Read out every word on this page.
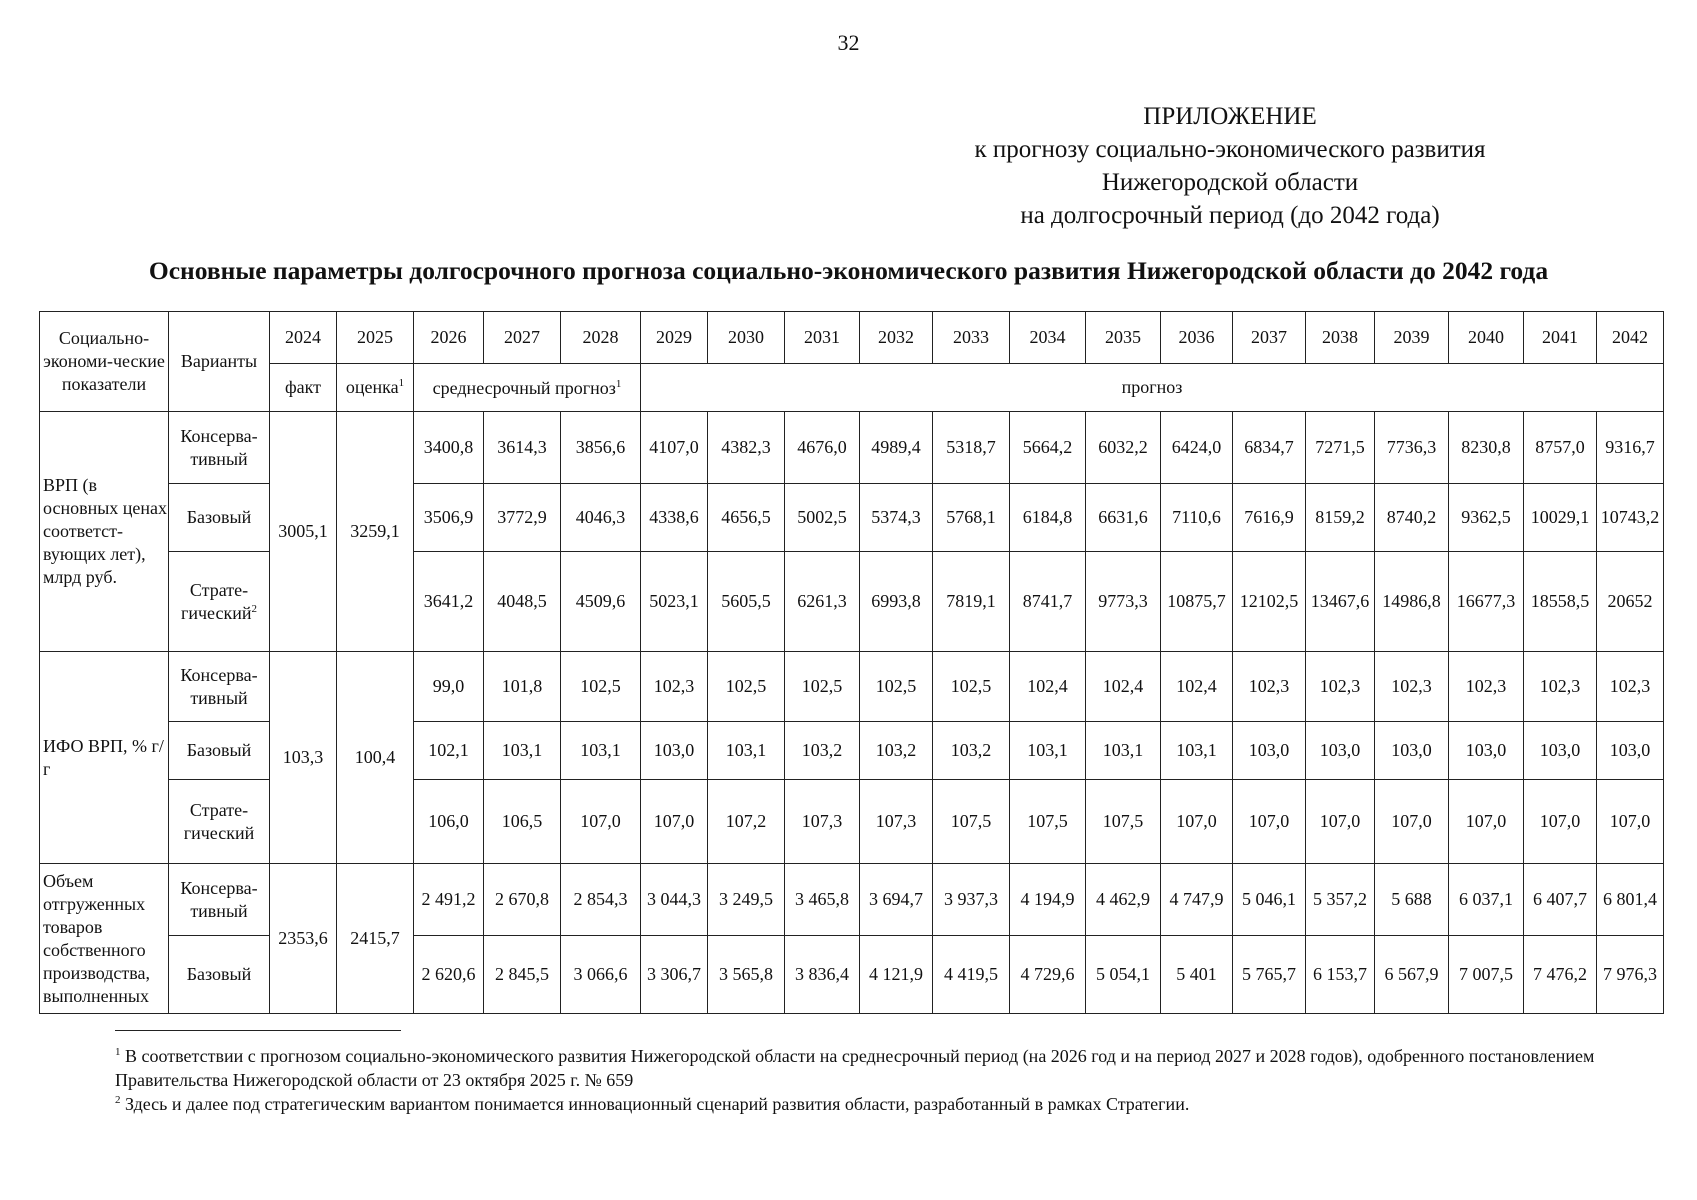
32
ПРИЛОЖЕНИЕ
к прогнозу социально-экономического развития
Нижегородской области
на долгосрочный период (до 2042 года)
Основные параметры долгосрочного прогноза социально-экономического развития Нижегородской области до 2042 года
Социально-экономи-ческие показатели	Варианты	2024	2025	2026	2027	2028	2029	2030	2031	2032	2033	2034	2035	2036	2037	2038	2039	2040	2041	2042
		факт	оценка$^1$	среднесрочный прогноз$^1$			прогноз													
ВРП (в основных ценах соответст-вующих лет), млрд руб.	Консерва-тивный	3005,1	3259,1	3400,8	3614,3	3856,6	4107,0	4382,3	4676,0	4989,4	5318,7	5664,2	6032,2	6424,0	6834,7	7271,5	7736,3	8230,8	8757,0	9316,7
	Базовый			3506,9	3772,9	4046,3	4338,6	4656,5	5002,5	5374,3	5768,1	6184,8	6631,6	7110,6	7616,9	8159,2	8740,2	9362,5	10029,1	10743,2
	Страте-гический$^2$			3641,2	4048,5	4509,6	5023,1	5605,5	6261,3	6993,8	7819,1	8741,7	9773,3	10875,7	12102,5	13467,6	14986,8	16677,3	18558,5	20652
ИФО ВРП, % г/г	Консерва-тивный	103,3	100,4	99,0	101,8	102,5	102,3	102,5	102,5	102,5	102,5	102,4	102,4	102,4	102,3	102,3	102,3	102,3	102,3	102,3
	Базовый			102,1	103,1	103,1	103,0	103,1	103,2	103,2	103,2	103,1	103,1	103,1	103,0	103,0	103,0	103,0	103,0	103,0
	Страте-гический			106,0	106,5	107,0	107,0	107,2	107,3	107,3	107,5	107,5	107,5	107,0	107,0	107,0	107,0	107,0	107,0	107,0
Объем отгруженных товаров собственного производства, выполненных	Консерва-тивный	2353,6	2415,7	2 491,2	2 670,8	2 854,3	3 044,3	3 249,5	3 465,8	3 694,7	3 937,3	4 194,9	4 462,9	4 747,9	5 046,1	5 357,2	5 688	6 037,1	6 407,7	6 801,4
	Базовый			2 620,6	2 845,5	3 066,6	3 306,7	3 565,8	3 836,4	4 121,9	4 419,5	4 729,6	5 054,1	5 401	5 765,7	6 153,7	6 567,9	7 007,5	7 476,2	7 976,3
$^1$ В соответствии с прогнозом социально-экономического развития Нижегородской области на среднесрочный период (на 2026 год и на период 2027 и 2028 годов), одобренного постановлением Правительства Нижегородской области от 23 октября 2025 г. № 659
$^2$ Здесь и далее под стратегическим вариантом понимается инновационный сценарий развития области, разработанный в рамках Стратегии.
